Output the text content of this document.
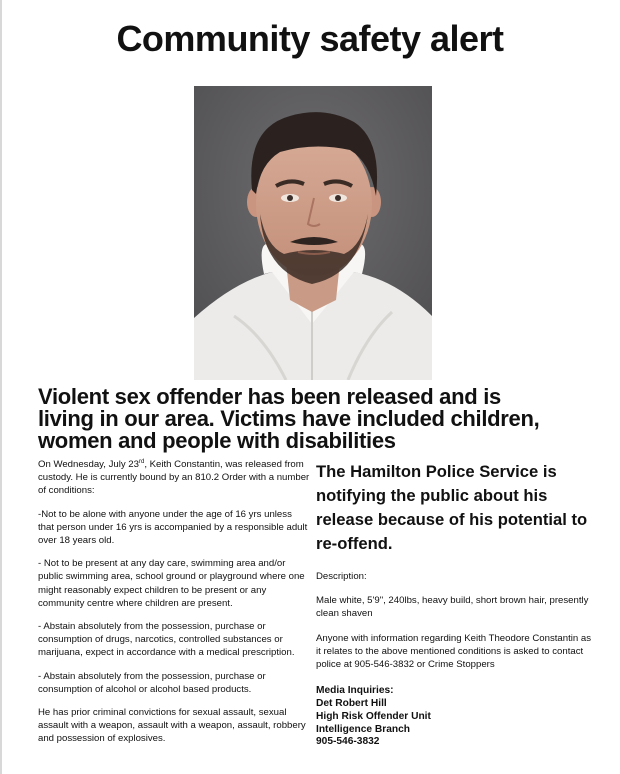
Community safety alert
Violent sex offender has been released and is
living in our area. Victims have included children,
women and people with disabilities

On Wednesday, July 23rd, Keith Constantin, was released from custody. He is currently bound by an 810.2 Order with a number of conditions:

-Not to be alone with anyone under the age of 16 yrs unless that person under 16 yrs is accompanied by a responsible adult over 18 years old.

- Not to be present at any day care, swimming area and/or public swimming area, school ground or playground where one might reasonably expect children to be present or any community centre where children are present.

- Abstain absolutely from the possession, purchase or consumption of drugs, narcotics, controlled substances or marijuana, expect in accordance with a medical prescription.

- Abstain absolutely from the possession, purchase or consumption of alcohol or alcohol based products.

He has prior criminal convictions for sexual assault, sexual assault with a weapon, assault with a weapon, assault, robbery and possession of explosives.

The Hamilton Police Service is notifying the public about his release because of his potential to re-offend.

Description:

Male white, 5'9", 240lbs, heavy build, short brown hair, presently clean shaven

Anyone with information regarding Keith Theodore Constantin as it relates to the above mentioned conditions is asked to contact police at 905-546-3832 or Crime Stoppers

Media Inquiries:
Det Robert Hill
High Risk Offender Unit
Intelligence Branch
905-546-3832
